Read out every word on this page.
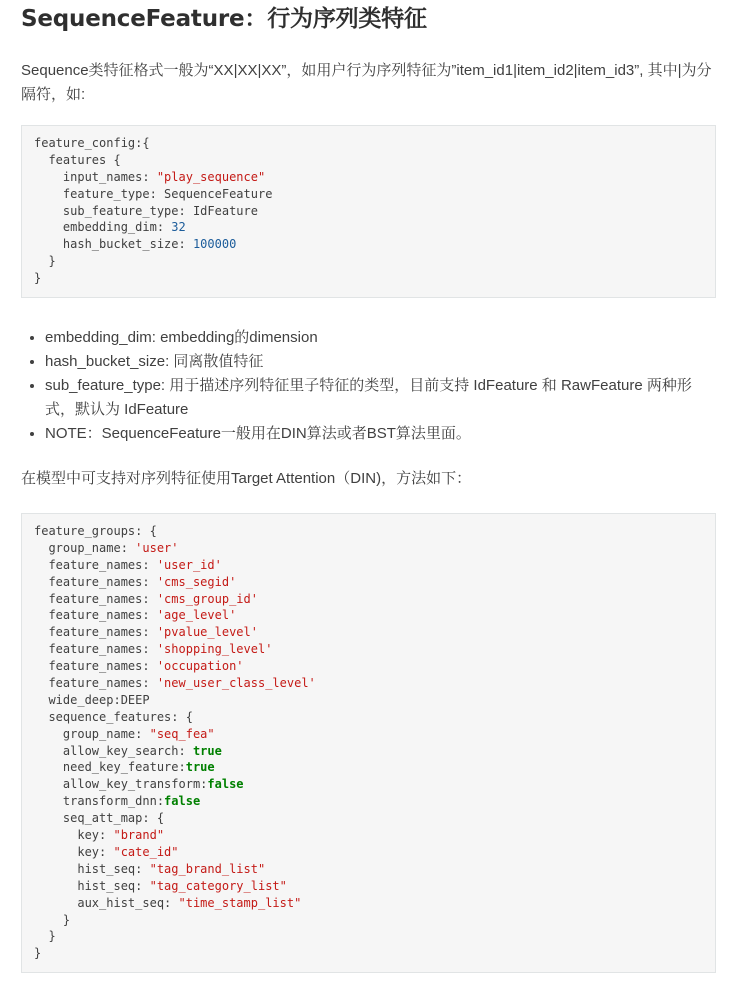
SequenceFeature：行为序列类特征

Sequence类特征格式一般为“XX|XX|XX”，如用户行为序列特征为”item_id1|item_id2|item_id3”, 其中|为分隔符，如:

feature_config:{
features {
input_names: "play_sequence"
feature_type: SequenceFeature
sub_feature_type: IdFeature
embedding_dim: 32
hash_bucket_size: 100000
}
}
• embedding_dim: embedding的dimension
• hash_bucket_size: 同离散值特征
• sub_feature_type: 用于描述序列特征里子特征的类型，目前支持 IdFeature 和 RawFeature 两种形式，默认为 IdFeature
• NOTE：SequenceFeature一般用在DIN算法或者BST算法里面。

在模型中可支持对序列特征使用Target Attention（DIN)，方法如下：

feature_groups: {
group_name: 'user'
feature_names: 'user_id'
feature_names: 'cms_segid'
feature_names: 'cms_group_id'
feature_names: 'age_level'
feature_names: 'pvalue_level'
feature_names: 'shopping_level'
feature_names: 'occupation'
feature_names: 'new_user_class_level'
wide_deep:DEEP
sequence_features: {
group_name: "seq_fea"
allow_key_search: true
need_key_feature:true
allow_key_transform:false
transform_dnn:false
seq_att_map: {
key: "brand"
key: "cate_id"
hist_seq: "tag_brand_list"
hist_seq: "tag_category_list"
aux_hist_seq: "time_stamp_list"
}
}
}
